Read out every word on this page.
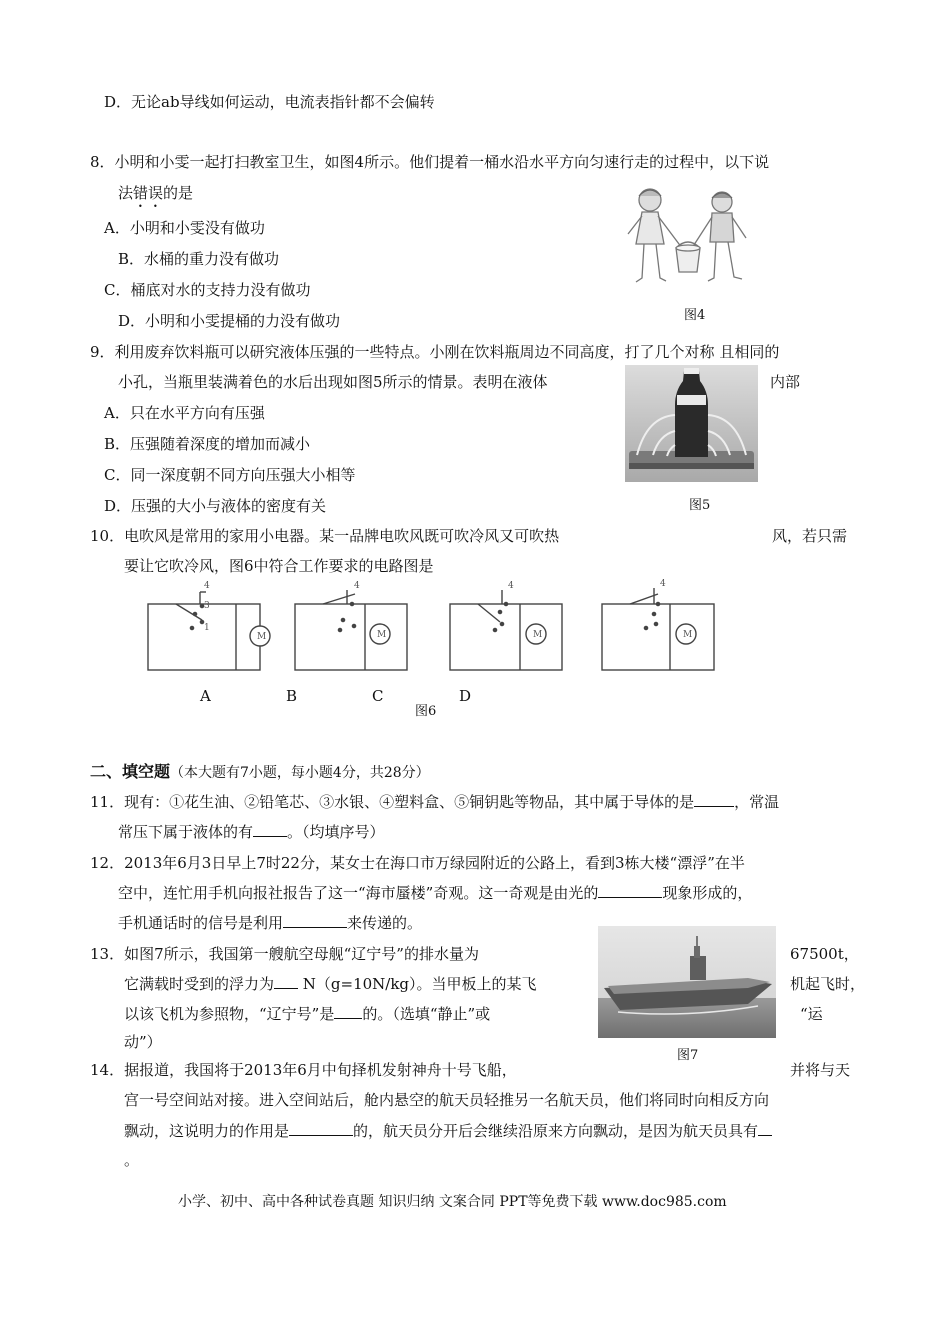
D．无论ab导线如何运动，电流表指针都不会偏转
8．小明和小雯一起打扫教室卫生，如图4所示。他们提着一桶水沿水平方向匀速行走的过程中，以下说
法错误的是
A．小明和小雯没有做功
B．水桶的重力没有做功
C．桶底对水的支持力没有做功
D．小明和小雯提桶的力没有做功	图4
9．利用废弃饮料瓶可以研究液体压强的一些特点。小刚在饮料瓶周边不同高度，打了几个对称 且相同的
小孔，当瓶里装满着色的水后出现如图5所示的情景。表明在液体	内部
A．只在水平方向有压强
B．压强随着深度的增加而减小
C．同一深度朝不同方向压强大小相等
D．压强的大小与液体的密度有关	图5
10．电吹风是常用的家用小电器。某一品牌电吹风既可吹冷风又可吹热	风，若只需
要让它吹冷风，图6中符合工作要求的电路图是
M	M	M	M
4
3
1
4	4	4
A	B	C	D
图6
二、填空题（本大题有7小题，每小题4分，共28分）
11．现有：①花生油、②铅笔芯、③水银、④塑料盒、⑤铜钥匙等物品，其中属于导体的是	，常温
常压下属于液体的有 。（均填序号）
12．2013年6月3日早上7时22分，某女士在海口市万绿园附近的公路上，看到3栋大楼“漂浮”在半
空中，连忙用手机向报社报告了这一“海市蜃楼”奇观。这一奇观是由光的	现象形成的，
手机通话时的信号是利用	来传递的。
13．如图7所示，我国第一艘航空母舰“辽宁号”的排水量为	67500t，
它满载时受到的浮力为 N（g=10N/kg）。当甲板上的某飞	机起飞时，
以该飞机为参照物，“辽宁号”是 的。（选填“静止”或	“运
动”）
图7
14．据报道，我国将于2013年6月中旬择机发射神舟十号飞船，	并将与天
宫一号空间站对接。进入空间站后，舱内悬空的航天员轻推另一名航天员，他们将同时向相反方向
飘动，这说明力的作用是	的，航天员分开后会继续沿原来方向飘动，是因为航天员具有
。
小学、初中、高中各种试卷真题 知识归纳 文案合同 PPT等免费下载 www.doc985.com
